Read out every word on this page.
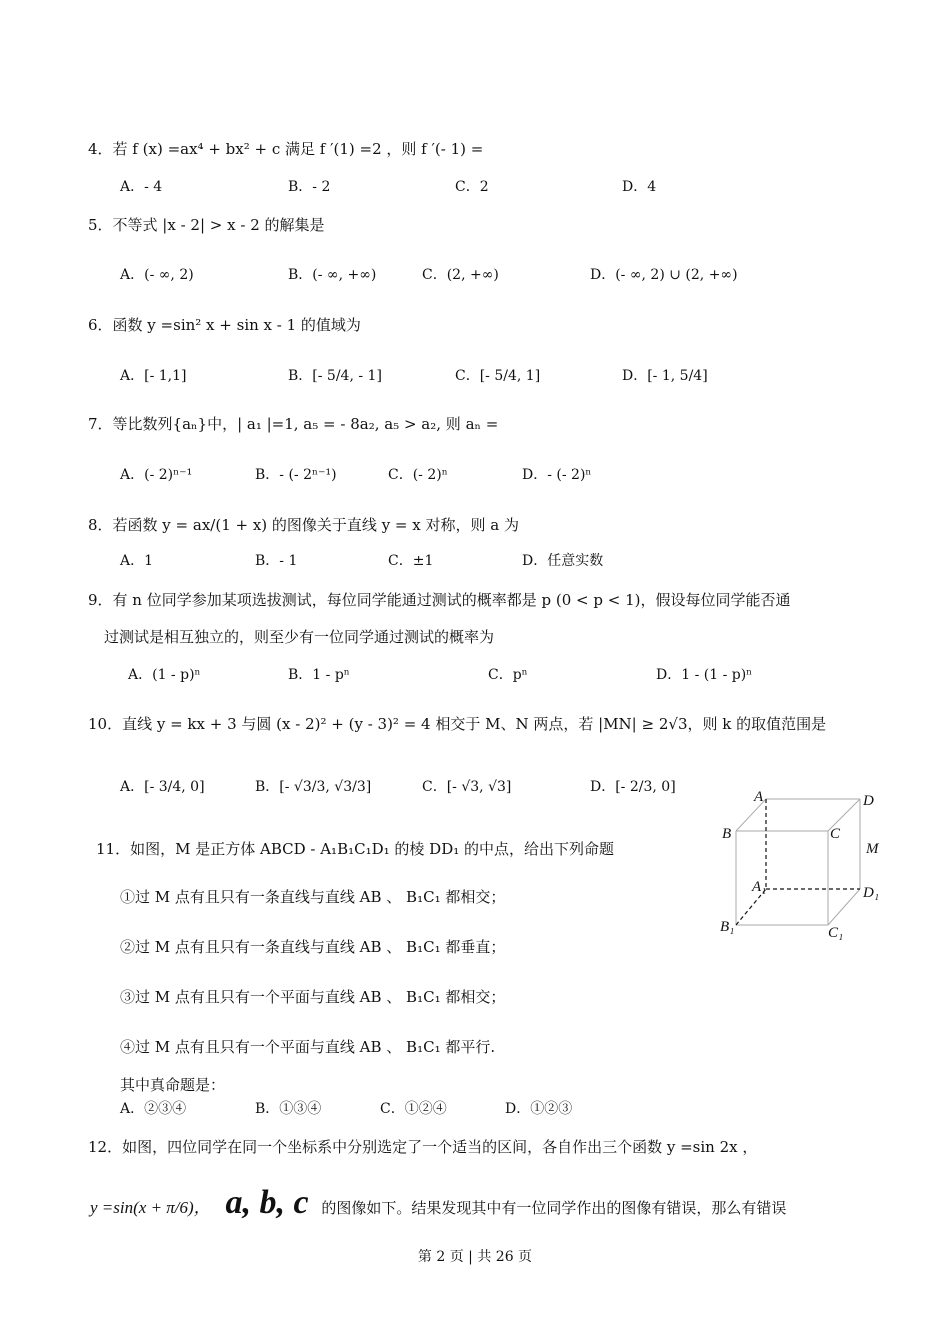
4．若 f (x) =ax⁴ + bx² + c 满足 f ′(1) =2 ，则 f ′(- 1) =
A．- 4	B．- 2	C．2	D．4
5．不等式 |x - 2| > x - 2 的解集是
A．(- ∞, 2)	B．(- ∞, +∞)	C．(2, +∞)	D．(- ∞, 2) ∪ (2, +∞)
6．函数 y =sin² x + sin x - 1 的值域为
A．[- 1,1]	B．[- 5/4, - 1]	C．[- 5/4, 1]	D．[- 1, 5/4]
7．等比数列{aₙ}中，| a₁ |=1, a₅ = - 8a₂, a₅ > a₂, 则 aₙ =
A．(- 2)ⁿ⁻¹	B．- (- 2ⁿ⁻¹)	C．(- 2)ⁿ	D．- (- 2)ⁿ
8．若函数 y = ax/(1 + x) 的图像关于直线 y = x 对称，则 a 为
A．1	B．- 1	C．±1	D．任意实数
9．有 n 位同学参加某项选拔测试，每位同学能通过测试的概率都是 p (0 < p < 1)，假设每位同学能否通
过测试是相互独立的，则至少有一位同学通过测试的概率为
A．(1 - p)ⁿ	B．1 - pⁿ	C．pⁿ	D．1 - (1 - p)ⁿ
10．直线 y = kx + 3 与圆 (x - 2)² + (y - 3)² = 4 相交于 M、N 两点，若 |MN| ≥ 2√3，则 k 的取值范围是
A．[- 3/4, 0]	B．[- √3/3, √3/3]	C．[- √3, √3]	D．[- 2/3, 0]
11．如图，M 是正方体 ABCD - A₁B₁C₁D₁ 的棱 DD₁ 的中点，给出下列命题
①过 M 点有且只有一条直线与直线 AB 、 B₁C₁ 都相交；
②过 M 点有且只有一条直线与直线 AB 、 B₁C₁ 都垂直；
③过 M 点有且只有一个平面与直线 AB 、 B₁C₁ 都相交；
④过 M 点有且只有一个平面与直线 AB 、 B₁C₁ 都平行.
其中真命题是：
A．②③④	B．①③④	C．①②④	D．①②③
A
B	C
D
A₁
B₁	C₁
D₁
M
12．如图，四位同学在同一个坐标系中分别选定了一个适当的区间，各自作出三个函数 y =sin 2x ，
y =sin(x + π/6)， a, b, c 的图像如下。结果发现其中有一位同学作出的图像有错误，那么有错误
第 2 页 | 共 26 页
